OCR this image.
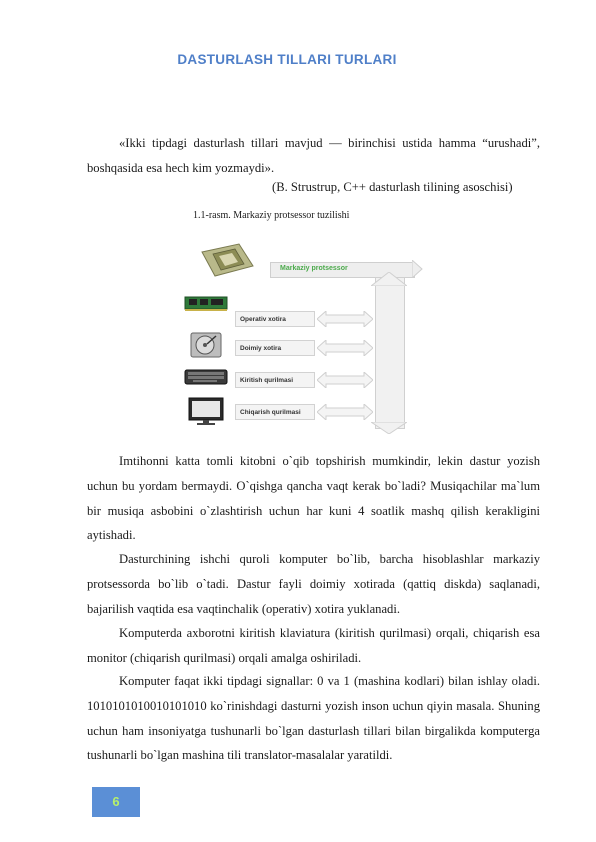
DASTURLASH TILLARI TURLARI
«Ikki tipdagi dasturlash tillari mavjud — birinchisi ustida hamma “urushadi”, boshqasida esa hech kim yozmaydi».
(B. Strustrup, C++ dasturlash tilining asoschisi)
1.1-rasm. Markaziy protsessor tuzilishi
Markaziy protsessor
Operativ xotira
Doimiy xotira
Kiritish qurilmasi
Chiqarish qurilmasi
Imtihonni katta tomli kitobni o`qib topshirish mumkindir, lekin dastur yozish uchun bu yordam bermaydi. O`qishga qancha vaqt kerak bo`ladi? Musiqachilar ma`lum bir musiqa asbobini o`zlashtirish uchun har kuni 4 soatlik mashq qilish kerakligini aytishadi.
Dasturchining ishchi quroli komputer bo`lib, barcha hisoblashlar markaziy protsessorda bo`lib o`tadi. Dastur fayli doimiy xotirada (qattiq diskda) saqlanadi, bajarilish vaqtida esa vaqtinchalik (operativ) xotira yuklanadi.
Komputerda axborotni kiritish klaviatura (kiritish qurilmasi) orqali, chiqarish esa monitor (chiqarish qurilmasi) orqali amalga oshiriladi.
Komputer faqat ikki tipdagi signallar: 0 va 1 (mashina kodlari) bilan ishlay oladi. 1010101010010101010 ko`rinishdagi dasturni yozish inson uchun qiyin masala. Shuning uchun ham insoniyatga tushunarli bo`lgan dasturlash tillari bilan birgalikda komputerga tushunarli bo`lgan mashina tili translator-masalalar yaratildi.
6
